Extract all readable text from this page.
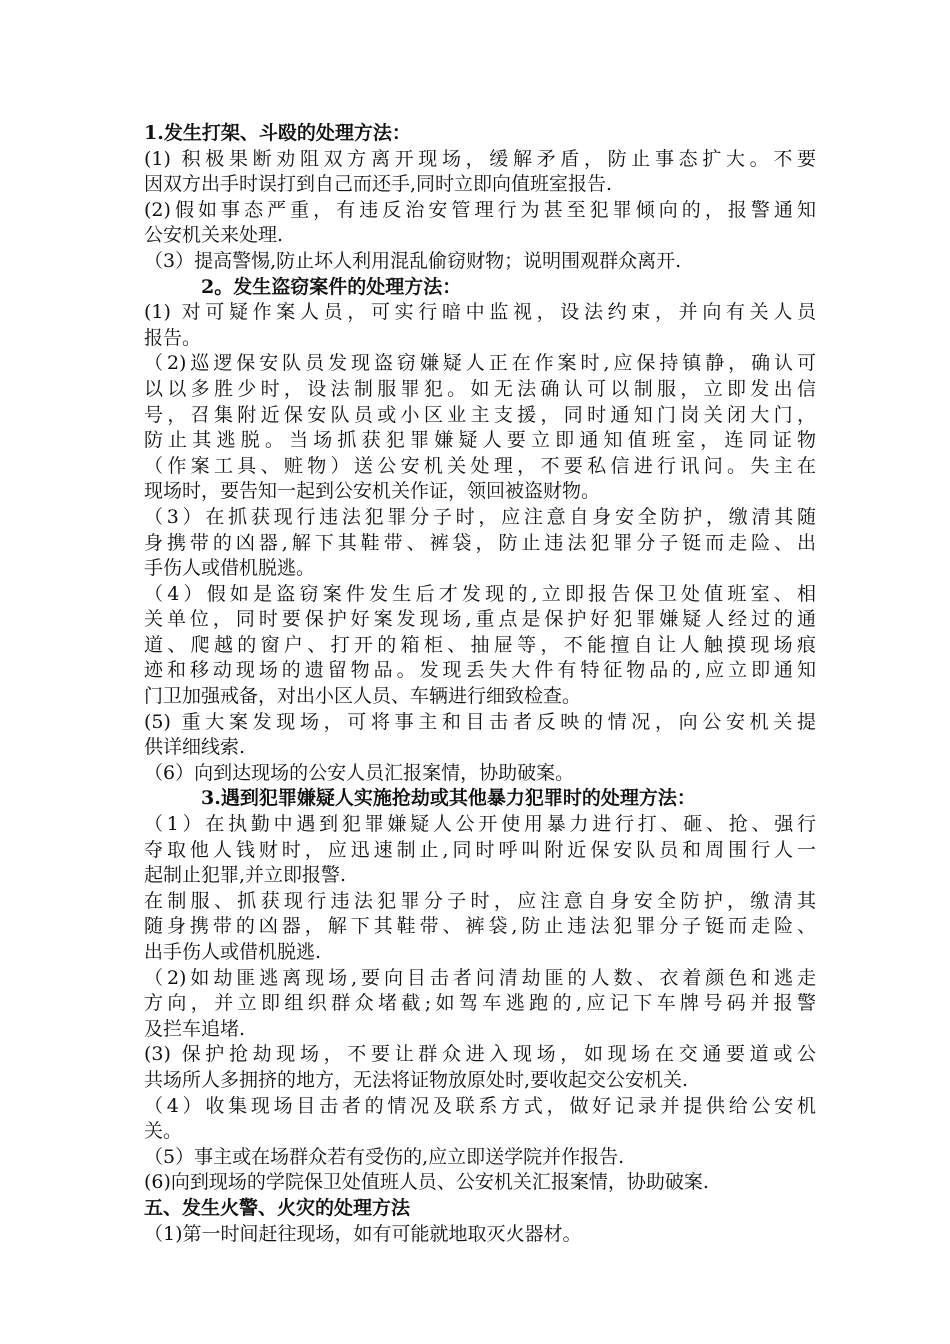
1.发生打架、斗殴的处理方法：
(1) 积极果断劝阻双方离开现场，缓解矛盾，防止事态扩大。不要
因双方出手时误打到自己而还手,同时立即向值班室报告.
(2)假如事态严重，有违反治安管理行为甚至犯罪倾向的，报警通知
公安机关来处理.
（3）提高警惕,防止坏人利用混乱偷窃财物；说明围观群众离开.
2。发生盗窃案件的处理方法：
(1) 对可疑作案人员，可实行暗中监视，设法约束，并向有关人员
报告。
（2)巡逻保安队员发现盗窃嫌疑人正在作案时,应保持镇静，确认可
以以多胜少时，设法制服罪犯。如无法确认可以制服，立即发出信
号，召集附近保安队员或小区业主支援，同时通知门岗关闭大门，
防止其逃脱。当场抓获犯罪嫌疑人要立即通知值班室，连同证物
（作案工具、赃物）送公安机关处理，不要私信进行讯问。失主在
现场时，要告知一起到公安机关作证，领回被盗财物。
（3）在抓获现行违法犯罪分子时，应注意自身安全防护，缴清其随
身携带的凶器,解下其鞋带、裤袋，防止违法犯罪分子铤而走险、出
手伤人或借机脱逃。
（4）假如是盗窃案件发生后才发现的,立即报告保卫处值班室、相
关单位，同时要保护好案发现场,重点是保护好犯罪嫌疑人经过的通
道、爬越的窗户、打开的箱柜、抽屉等，不能擅自让人触摸现场痕
迹和移动现场的遗留物品。发现丢失大件有特征物品的,应立即通知
门卫加强戒备，对出小区人员、车辆进行细致检查。
(5) 重大案发现场，可将事主和目击者反映的情况，向公安机关提
供详细线索.
（6）向到达现场的公安人员汇报案情，协助破案。
3.遇到犯罪嫌疑人实施抢劫或其他暴力犯罪时的处理方法：
（1）在执勤中遇到犯罪嫌疑人公开使用暴力进行打、砸、抢、强行
夺取他人钱财时，应迅速制止,同时呼叫附近保安队员和周围行人一
起制止犯罪,并立即报警.
在制服、抓获现行违法犯罪分子时，应注意自身安全防护，缴清其
随身携带的凶器，解下其鞋带、裤袋,防止违法犯罪分子铤而走险、
出手伤人或借机脱逃.
（2)如劫匪逃离现场,要向目击者问清劫匪的人数、衣着颜色和逃走
方向，并立即组织群众堵截;如驾车逃跑的,应记下车牌号码并报警
及拦车追堵.
(3) 保护抢劫现场，不要让群众进入现场，如现场在交通要道或公
共场所人多拥挤的地方，无法将证物放原处时,要收起交公安机关.
（4）收集现场目击者的情况及联系方式，做好记录并提供给公安机
关。
（5）事主或在场群众若有受伤的,应立即送学院并作报告.
(6)向到现场的学院保卫处值班人员、公安机关汇报案情，协助破案.
五、发生火警、火灾的处理方法
（1)第一时间赶往现场，如有可能就地取灭火器材。
